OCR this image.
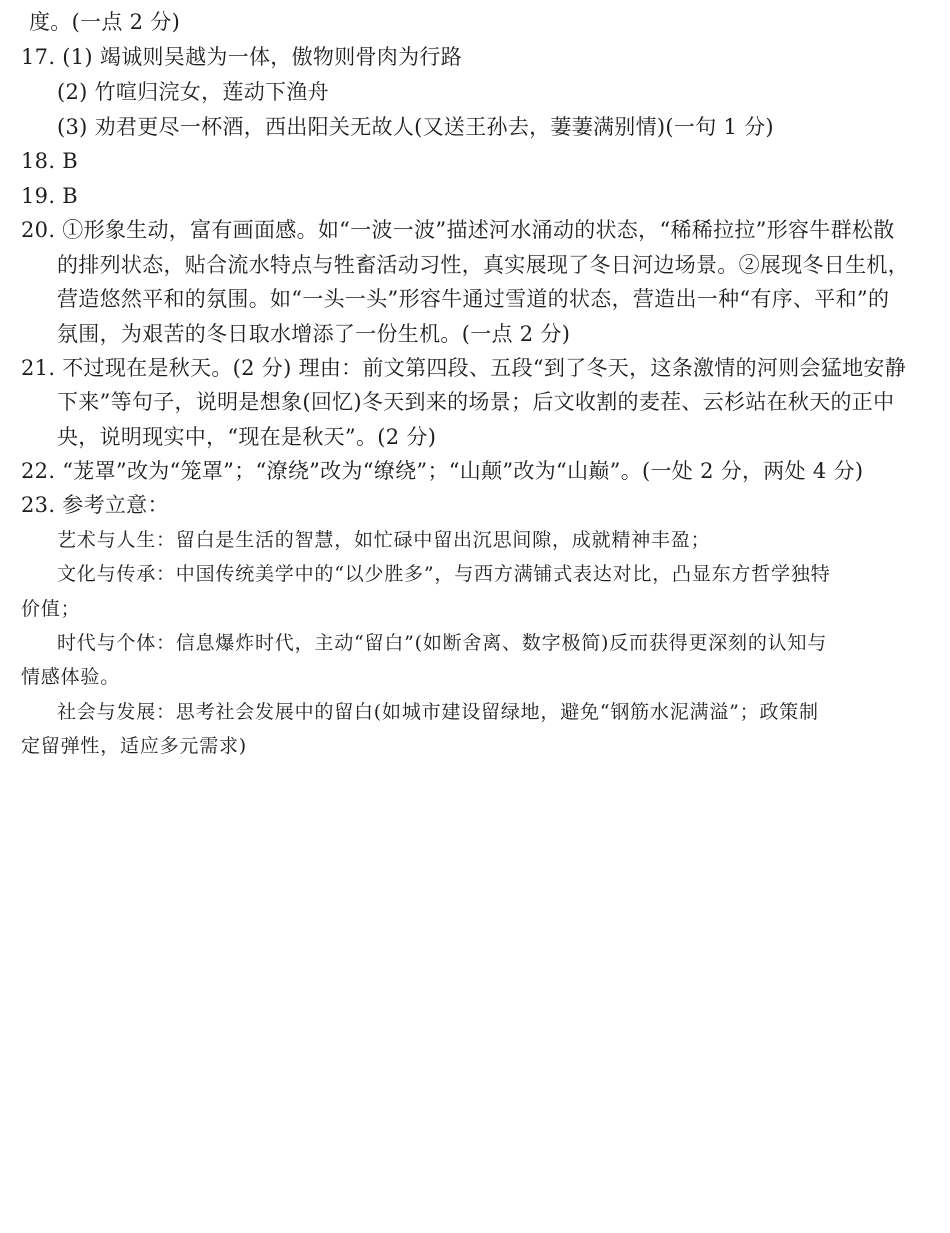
度。(一点 2 分)
17. (1) 竭诚则吴越为一体，傲物则骨肉为行路
(2) 竹喧归浣女，莲动下渔舟
(3) 劝君更尽一杯酒，西出阳关无故人(又送王孙去，萋萋满别情)(一句 1 分)
18. B
19. B
20. ①形象生动，富有画面感。如“一波一波”描述河水涌动的状态，“稀稀拉拉”形容牛群松散
的排列状态，贴合流水特点与牲畜活动习性，真实展现了冬日河边场景。②展现冬日生机，
营造悠然平和的氛围。如“一头一头”形容牛通过雪道的状态，营造出一种“有序、平和”的
氛围，为艰苦的冬日取水增添了一份生机。(一点 2 分)
21. 不过现在是秋天。(2 分) 理由：前文第四段、五段“到了冬天，这条激情的河则会猛地安静
下来”等句子，说明是想象(回忆)冬天到来的场景；后文收割的麦茬、云杉站在秋天的正中
央，说明现实中，“现在是秋天”。(2 分)
22. “茏罩”改为“笼罩”；“潦绕”改为“缭绕”；“山颠”改为“山巅”。(一处 2 分，两处 4 分)
23. 参考立意：
艺术与人生：留白是生活的智慧，如忙碌中留出沉思间隙，成就精神丰盈；
文化与传承：中国传统美学中的“以少胜多”，与西方满铺式表达对比，凸显东方哲学独特
价值；
时代与个体：信息爆炸时代，主动“留白”(如断舍离、数字极简)反而获得更深刻的认知与
情感体验。
社会与发展：思考社会发展中的留白(如城市建设留绿地，避免“钢筋水泥满溢”；政策制
定留弹性，适应多元需求)
